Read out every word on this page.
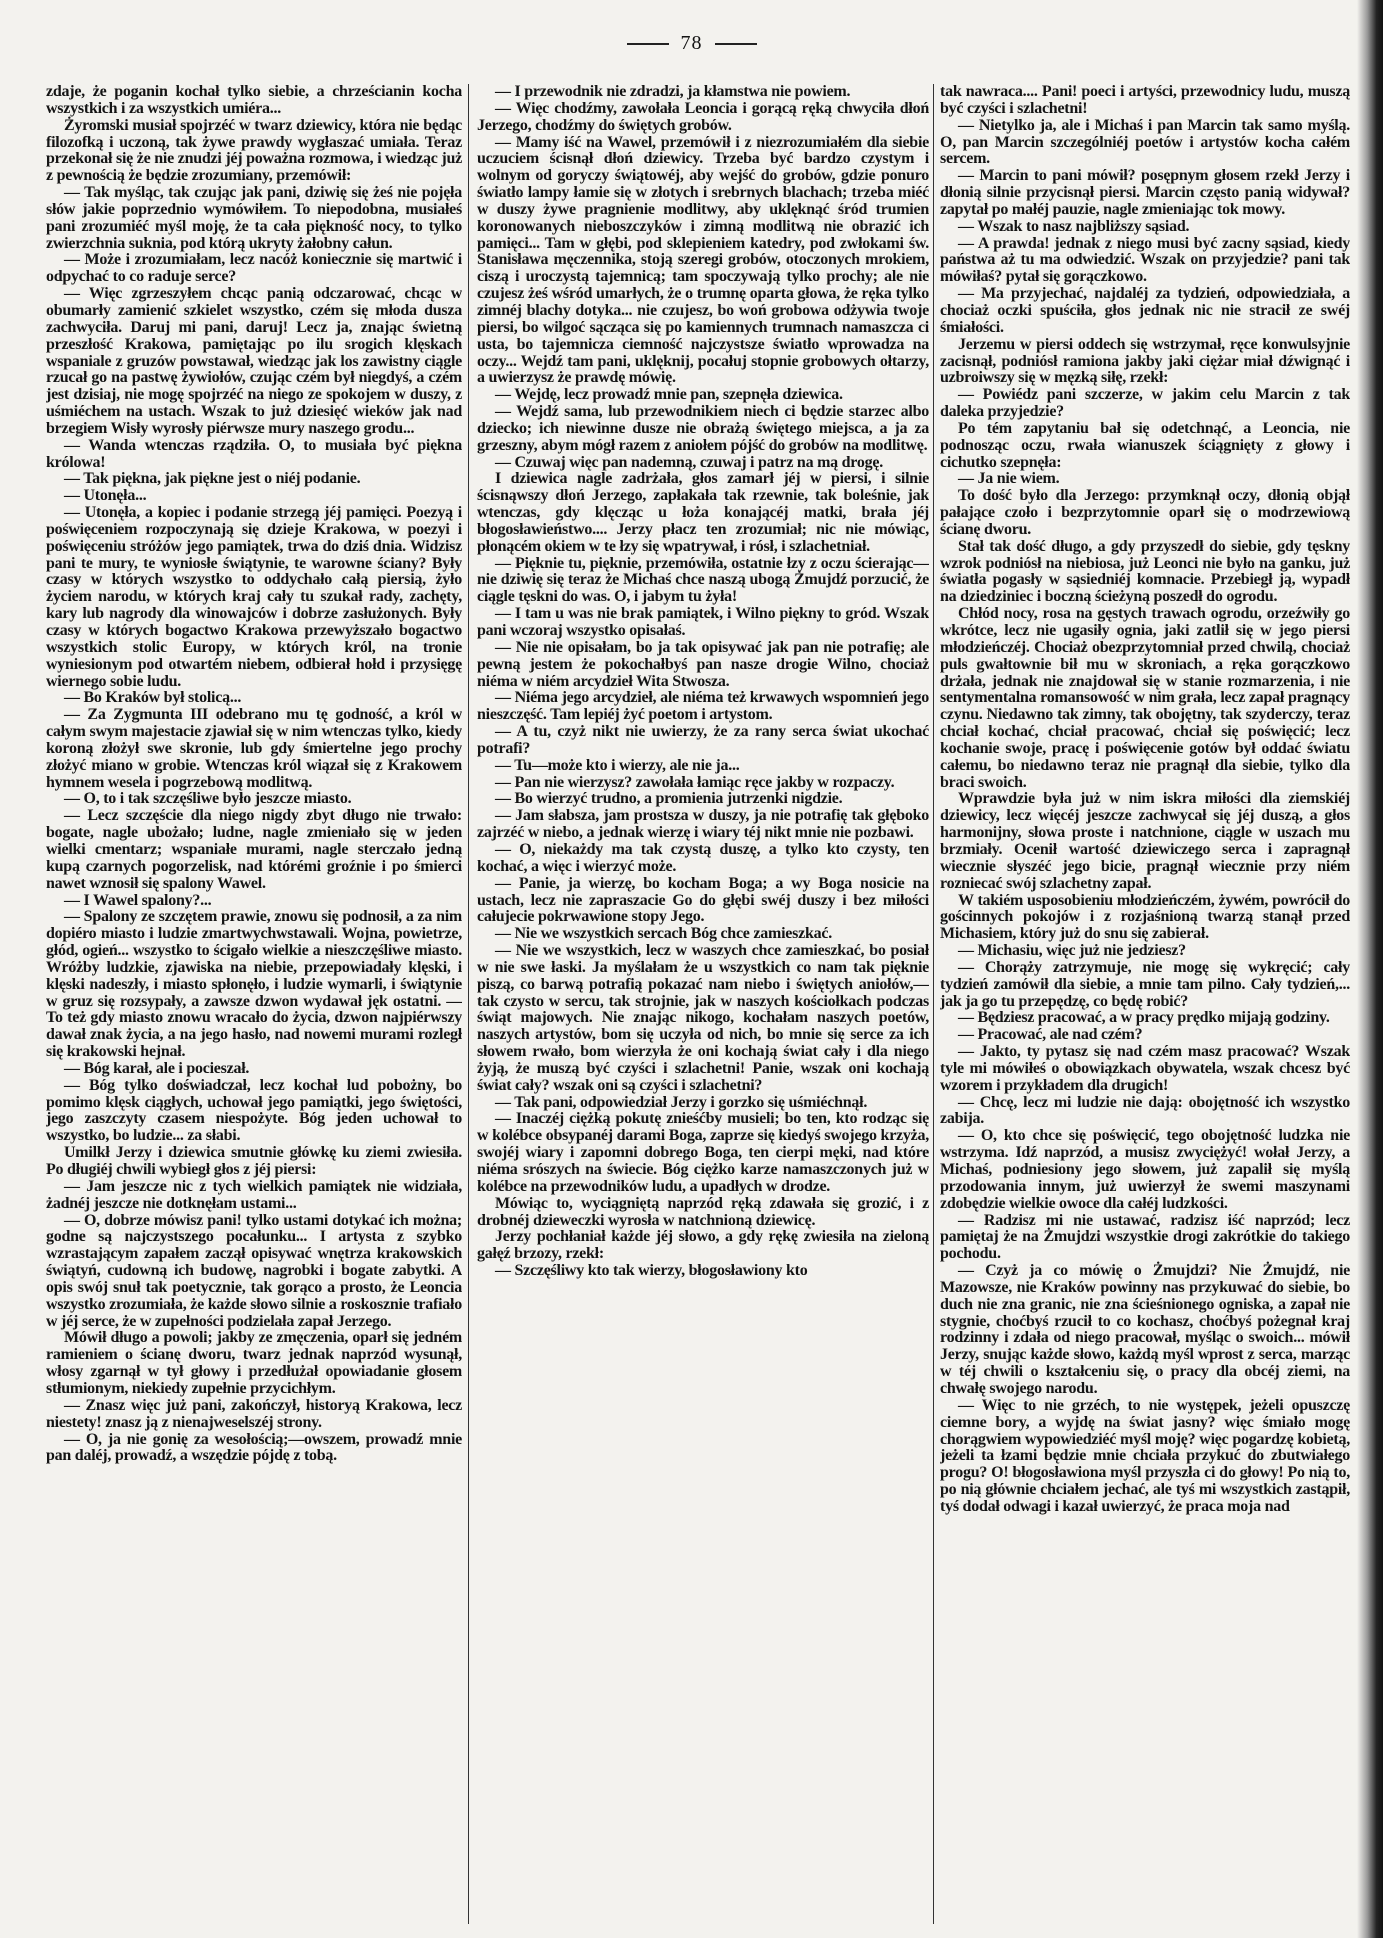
78

zdaje, że poganin kochał tylko siebie, a chrześcianin kocha wszystkich i za wszystkich umiéra...

Żyromski musiał spojrzéć w twarz dziewicy, która nie będąc filozofką i uczoną, tak żywe prawdy wygłaszać umiała. Teraz przekonał się że nie znudzi jéj poważna rozmowa, i wiedząc już z pewnością że będzie zrozumiany, przemówił:

— Tak myśląc, tak czując jak pani, dziwię się żeś nie pojęła słów jakie poprzednio wymówiłem. To niepodobna, musiałeś pani zrozumiéć myśl moję, że ta cała piękność nocy, to tylko zwierzchnia suknia, pod którą ukryty żałobny całun.

— Może i zrozumiałam, lecz nacóż koniecznie się martwić i odpychać to co raduje serce?

— Więc zgrzeszyłem chcąc panią odczarować, chcąc w obumarły zamienić szkielet wszystko, czém się młoda dusza zachwyciła. Daruj mi pani, daruj! Lecz ja, znając świetną przeszłość Krakowa, pamiętając po ilu srogich klęskach wspaniale z gruzów powstawał, wiedząc jak los zawistny ciągle rzucał go na pastwę żywiołów, czując czém był niegdyś, a czém jest dzisiaj, nie mogę spojrzéć na niego ze spokojem w duszy, z uśmiéchem na ustach. Wszak to już dziesięć wieków jak nad brzegiem Wisły wyrosły piérwsze mury naszego grodu...

— Wanda wtenczas rządziła. O, to musiała być piękna królowa!

— Tak piękna, jak piękne jest o niéj podanie.

— Utonęła...

— Utonęła, a kopiec i podanie strzegą jéj pamięci. Poezyą i poświęceniem rozpoczynają się dzieje Krakowa, w poezyi i poświęceniu stróżów jego pamiątek, trwa do dziś dnia. Widzisz pani te mury, te wyniosłe świątynie, te warowne ściany? Były czasy w których wszystko to oddychało całą piersią, żyło życiem narodu, w których kraj cały tu szukał rady, zachęty, kary lub nagrody dla winowajców i dobrze zasłużonych. Były czasy w których bogactwo Krakowa przewyższało bogactwo wszystkich stolic Europy, w których król, na tronie wyniesionym pod otwartém niebem, odbierał hołd i przysięgę wiernego sobie ludu.

— Bo Kraków był stolicą...

— Za Zygmunta III odebrano mu tę godność, a król w całym swym majestacie zjawiał się w nim wtenczas tylko, kiedy koroną złożył swe skronie, lub gdy śmiertelne jego prochy złożyć miano w grobie. Wtenczas król wiązał się z Krakowem hymnem wesela i pogrzebową modlitwą.

— O, to i tak szczęśliwe było jeszcze miasto.

— Lecz szczęście dla niego nigdy zbyt długo nie trwało: bogate, nagle ubożało; ludne, nagle zmieniało się w jeden wielki cmentarz; wspaniałe murami, nagle sterczało jedną kupą czarnych pogorzelisk, nad którémi groźnie i po śmierci nawet wznosił się spalony Wawel.

— I Wawel spalony?...

— Spalony ze szczętem prawie, znowu się podnosił, a za nim dopiéro miasto i ludzie zmartwychwstawali. Wojna, powietrze, głód, ogień... wszystko to ścigało wielkie a nieszczęśliwe miasto. Wróżby ludzkie, zjawiska na niebie, przepowiadały klęski, i klęski nadeszły, i miasto spłonęło, i ludzie wymarli, i świątynie w gruz się rozsypały, a zawsze dzwon wydawał jęk ostatni. — To też gdy miasto znowu wracało do życia, dzwon najpiérwszy dawał znak życia, a na jego hasło, nad nowemi murami rozległ się krakowski hejnał.

— Bóg karał, ale i pocieszał.

— Bóg tylko doświadczał, lecz kochał lud pobożny, bo pomimo klęsk ciągłych, uchował jego pamiątki, jego świętości, jego zaszczyty czasem niespożyte. Bóg jeden uchował to wszystko, bo ludzie... za słabi.

Umilkł Jerzy i dziewica smutnie główkę ku ziemi zwiesiła. Po długiéj chwili wybiegł głos z jéj piersi:

— Jam jeszcze nic z tych wielkich pamiątek nie widziała, żadnéj jeszcze nie dotknęłam ustami...

— O, dobrze mówisz pani! tylko ustami dotykać ich można; godne są najczystszego pocałunku... I artysta z szybko wzrastającym zapałem zaczął opisywać wnętrza krakowskich świątyń, cudowną ich budowę, nagrobki i bogate zabytki. A opis swój snuł tak poetycznie, tak gorąco a prosto, że Leoncia wszystko zrozumiała, że każde słowo silnie a roskosznie trafiało w jéj serce, że w zupełności podzielała zapał Jerzego.

Mówił długo a powoli; jakby ze zmęczenia, oparł się jedném ramieniem o ścianę dworu, twarz jednak naprzód wysunął, włosy zgarnął w tył głowy i przedłużał opowiadanie głosem stłumionym, niekiedy zupełnie przycichłym.

— Znasz więc już pani, zakończył, historyą Krakowa, lecz niestety! znasz ją z nienajweselszéj strony.

— O, ja nie gonię za wesołością;—owszem, prowadź mnie pan daléj, prowadź, a wszędzie pójdę z tobą.

— I przewodnik nie zdradzi, ja kłamstwa nie powiem.

— Więc chodźmy, zawołała Leoncia i gorącą ręką chwyciła dłoń Jerzego, chodźmy do świętych grobów.

— Mamy iść na Wawel, przemówił i z niezrozumiałém dla siebie uczuciem ścisnął dłoń dziewicy. Trzeba być bardzo czystym i wolnym od goryczy świątowéj, aby wejść do grobów, gdzie ponuro światło lampy łamie się w złotych i srebrnych blachach; trzeba miéć w duszy żywe pragnienie modlitwy, aby uklęknąć śród trumien koronowanych nieboszczyków i zimną modlitwą nie obrazić ich pamięci... Tam w głębi, pod sklepieniem katedry, pod zwłokami św. Stanisława męczennika, stoją szeregi grobów, otoczonych mrokiem, ciszą i uroczystą tajemnicą; tam spoczywają tylko prochy; ale nie czujesz żeś wśród umarłych, że o trumnę oparta głowa, że ręka tylko zimnéj blachy dotyka... nie czujesz, bo woń grobowa odżywia twoje piersi, bo wilgoć sącząca się po kamiennych trumnach namaszcza ci usta, bo tajemnicza ciemność najczystsze światło wprowadza na oczy... Wejdź tam pani, uklęknij, pocałuj stopnie grobowych ołtarzy, a uwierzysz że prawdę mówię.

— Wejdę, lecz prowadź mnie pan, szepnęła dziewica.

— Wejdź sama, lub przewodnikiem niech ci będzie starzec albo dziecko; ich niewinne dusze nie obrażą świętego miejsca, a ja za grzeszny, abym mógł razem z aniołem pójść do grobów na modlitwę.

— Czuwaj więc pan nademną, czuwaj i patrz na mą drogę.

I dziewica nagle zadrżała, głos zamarł jéj w piersi, i silnie ścisnąwszy dłoń Jerzego, zapłakała tak rzewnie, tak boleśnie, jak wtenczas, gdy klęcząc u łoża konającéj matki, brała jéj błogosławieństwo.... Jerzy płacz ten zrozumiał; nic nie mówiąc, płonącém okiem w te łzy się wpatrywał, i rósł, i szlachetniał.

— Pięknie tu, pięknie, przemówiła, ostatnie łzy z oczu ścierając—nie dziwię się teraz że Michaś chce naszą ubogą Żmujdź porzucić, że ciągle tęskni do was. O, i jabym tu żyła!

— I tam u was nie brak pamiątek, i Wilno piękny to gród. Wszak pani wczoraj wszystko opisałaś.

— Nie nie opisałam, bo ja tak opisywać jak pan nie potrafię; ale pewną jestem że pokochałbyś pan nasze drogie Wilno, chociaż niéma w niém arcydzieł Wita Stwosza.

— Niéma jego arcydzieł, ale niéma też krwawych wspomnień jego nieszczęść. Tam lepiéj żyć poetom i artystom.

— A tu, czyż nikt nie uwierzy, że za rany serca świat ukochać potrafi?

— Tu—może kto i wierzy, ale nie ja...

— Pan nie wierzysz? zawołała łamiąc ręce jakby w rozpaczy.

— Bo wierzyć trudno, a promienia jutrzenki nigdzie.

— Jam słabsza, jam prostsza w duszy, ja nie potrafię tak głęboko zajrzéć w niebo, a jednak wierzę i wiary téj nikt mnie nie pozbawi.

— O, niekażdy ma tak czystą duszę, a tylko kto czysty, ten kochać, a więc i wierzyć może.

— Panie, ja wierzę, bo kocham Boga; a wy Boga nosicie na ustach, lecz nie zapraszacie Go do głębi swéj duszy i bez miłości całujecie pokrwawione stopy Jego.

— Nie we wszystkich sercach Bóg chce zamieszkać.

— Nie we wszystkich, lecz w waszych chce zamieszkać, bo posiał w nie swe łaski. Ja myślałam że u wszystkich co nam tak pięknie piszą, co barwą potrafią pokazać nam niebo i świętych aniołów,—tak czysto w sercu, tak strojnie, jak w naszych kościołkach podczas świąt majowych. Nie znając nikogo, kochałam naszych poetów, naszych artystów, bom się uczyła od nich, bo mnie się serce za ich słowem rwało, bom wierzyła że oni kochają świat cały i dla niego żyją, że muszą być czyści i szlachetni! Panie, wszak oni kochają świat cały? wszak oni są czyści i szlachetni?

— Tak pani, odpowiedział Jerzy i gorzko się uśmiéchnął.

— Inaczéj ciężką pokutę znieśćby musieli; bo ten, kto rodząc się w kolébce obsypanéj darami Boga, zaprze się kiedyś swojego krzyża, swojéj wiary i zapomni dobrego Boga, ten cierpi męki, nad które niéma srószych na świecie. Bóg ciężko karze namaszczonych już w kolébce na przewodników ludu, a upadłych w drodze.

Mówiąc to, wyciągniętą naprzód ręką zdawała się grozić, i z drobnéj dzieweczki wyrosła w natchnioną dziewicę.

Jerzy pochłaniał każde jéj słowo, a gdy rękę zwiesiła na zieloną gałęź brzozy, rzekł:

— Szczęśliwy kto tak wierzy, błogosławiony kto

tak nawraca.... Pani! poeci i artyści, przewodnicy ludu, muszą być czyści i szlachetni!

— Nietylko ja, ale i Michaś i pan Marcin tak samo myślą. O, pan Marcin szczególniéj poetów i artystów kocha całém sercem.

— Marcin to pani mówił? posępnym głosem rzekł Jerzy i dłonią silnie przycisnął piersi. Marcin często panią widywał? zapytał po małéj pauzie, nagle zmieniając tok mowy.

— Wszak to nasz najbliższy sąsiad.

— A prawda! jednak z niego musi być zacny sąsiad, kiedy państwa aż tu ma odwiedzić. Wszak on przyjedzie? pani tak mówiłaś? pytał się gorączkowo.

— Ma przyjechać, najdaléj za tydzień, odpowiedziała, a chociaż oczki spuściła, głos jednak nic nie stracił ze swéj śmiałości.

Jerzemu w piersi oddech się wstrzymał, ręce konwulsyjnie zacisnął, podniósł ramiona jakby jaki ciężar miał dźwignąć i uzbroiwszy się w męzką siłę, rzekł:

— Powiédz pani szczerze, w jakim celu Marcin z tak daleka przyjedzie?

Po tém zapytaniu bał się odetchnąć, a Leoncia, nie podnosząc oczu, rwała wianuszek ściągnięty z głowy i cichutko szepnęła:

— Ja nie wiem.

To dość było dla Jerzego: przymknął oczy, dłonią objął pałające czoło i bezprzytomnie oparł się o modrzewiową ścianę dworu.

Stał tak dość długo, a gdy przyszedł do siebie, gdy tęskny wzrok podniósł na niebiosa, już Leonci nie było na ganku, już światła pogasły w sąsiedniéj komnacie. Przebiegł ją, wypadł na dziedziniec i boczną ścieżyną poszedł do ogrodu.

Chłód nocy, rosa na gęstych trawach ogrodu, orzeźwiły go wkrótce, lecz nie ugasiły ognia, jaki zatlił się w jego piersi młodzieńczéj. Chociaż obezprzytomniał przed chwilą, chociaż puls gwałtownie bił mu w skroniach, a ręka gorączkowo drżała, jednak nie znajdował się w stanie rozmarzenia, i nie sentymentalna romansowość w nim grała, lecz zapał pragnący czynu. Niedawno tak zimny, tak obojętny, tak szyderczy, teraz chciał kochać, chciał pracować, chciał się poświęcić; lecz kochanie swoje, pracę i poświęcenie gotów był oddać światu całemu, bo niedawno teraz nie pragnął dla siebie, tylko dla braci swoich.

Wprawdzie była już w nim iskra miłości dla ziemskiéj dziewicy, lecz więcéj jeszcze zachwycał się jéj duszą, a głos harmonijny, słowa proste i natchnione, ciągle w uszach mu brzmiały. Ocenił wartość dziewiczego serca i zapragnął wiecznie słyszéć jego bicie, pragnął wiecznie przy niém rozniecać swój szlachetny zapał.

W takiém usposobieniu młodzieńczém, żywém, powrócił do gościnnych pokojów i z rozjaśnioną twarzą stanął przed Michasiem, który już do snu się zabierał.

— Michasiu, więc już nie jedziesz?

— Chorąży zatrzymuje, nie mogę się wykręcić; cały tydzień zamówił dla siebie, a mnie tam pilno. Cały tydzień,... jak ja go tu przepędzę, co będę robić?

— Będziesz pracować, a w pracy prędko mijają godziny.

— Pracować, ale nad czém?

— Jakto, ty pytasz się nad czém masz pracować? Wszak tyle mi mówiłeś o obowiązkach obywatela, wszak chcesz być wzorem i przykładem dla drugich!

— Chcę, lecz mi ludzie nie dają: obojętność ich wszystko zabija.

— O, kto chce się poświęcić, tego obojętność ludzka nie wstrzyma. Idź naprzód, a musisz zwyciężyć! wołał Jerzy, a Michaś, podniesiony jego słowem, już zapalił się myślą przodowania innym, już uwierzył że swemi maszynami zdobędzie wielkie owoce dla całéj ludzkości.

— Radzisz mi nie ustawać, radzisz iść naprzód; lecz pamiętaj że na Żmujdzi wszystkie drogi zakrótkie do takiego pochodu.

— Czyż ja co mówię o Żmujdzi? Nie Żmujdź, nie Mazowsze, nie Kraków powinny nas przykuwać do siebie, bo duch nie zna granic, nie zna ścieśnionego ogniska, a zapał nie stygnie, choćbyś rzucił to co kochasz, choćbyś pożegnał kraj rodzinny i zdała od niego pracował, myśląc o swoich... mówił Jerzy, snując każde słowo, każdą myśl wprost z serca, marząc w téj chwili o kształceniu się, o pracy dla obcéj ziemi, na chwałę swojego narodu.

— Więc to nie grzéch, to nie występek, jeżeli opuszczę ciemne bory, a wyjdę na świat jasny? więc śmiało mogę chorągwiem wypowiedziéć myśl moję? więc pogardzę kobietą, jeżeli ta łzami będzie mnie chciała przykuć do zbutwiałego progu? O! błogosławiona myśl przyszła ci do głowy! Po nią to, po nią głównie chciałem jechać, ale tyś mi wszystkich zastąpił, tyś dodał odwagi i kazał uwierzyć, że praca moja nad
